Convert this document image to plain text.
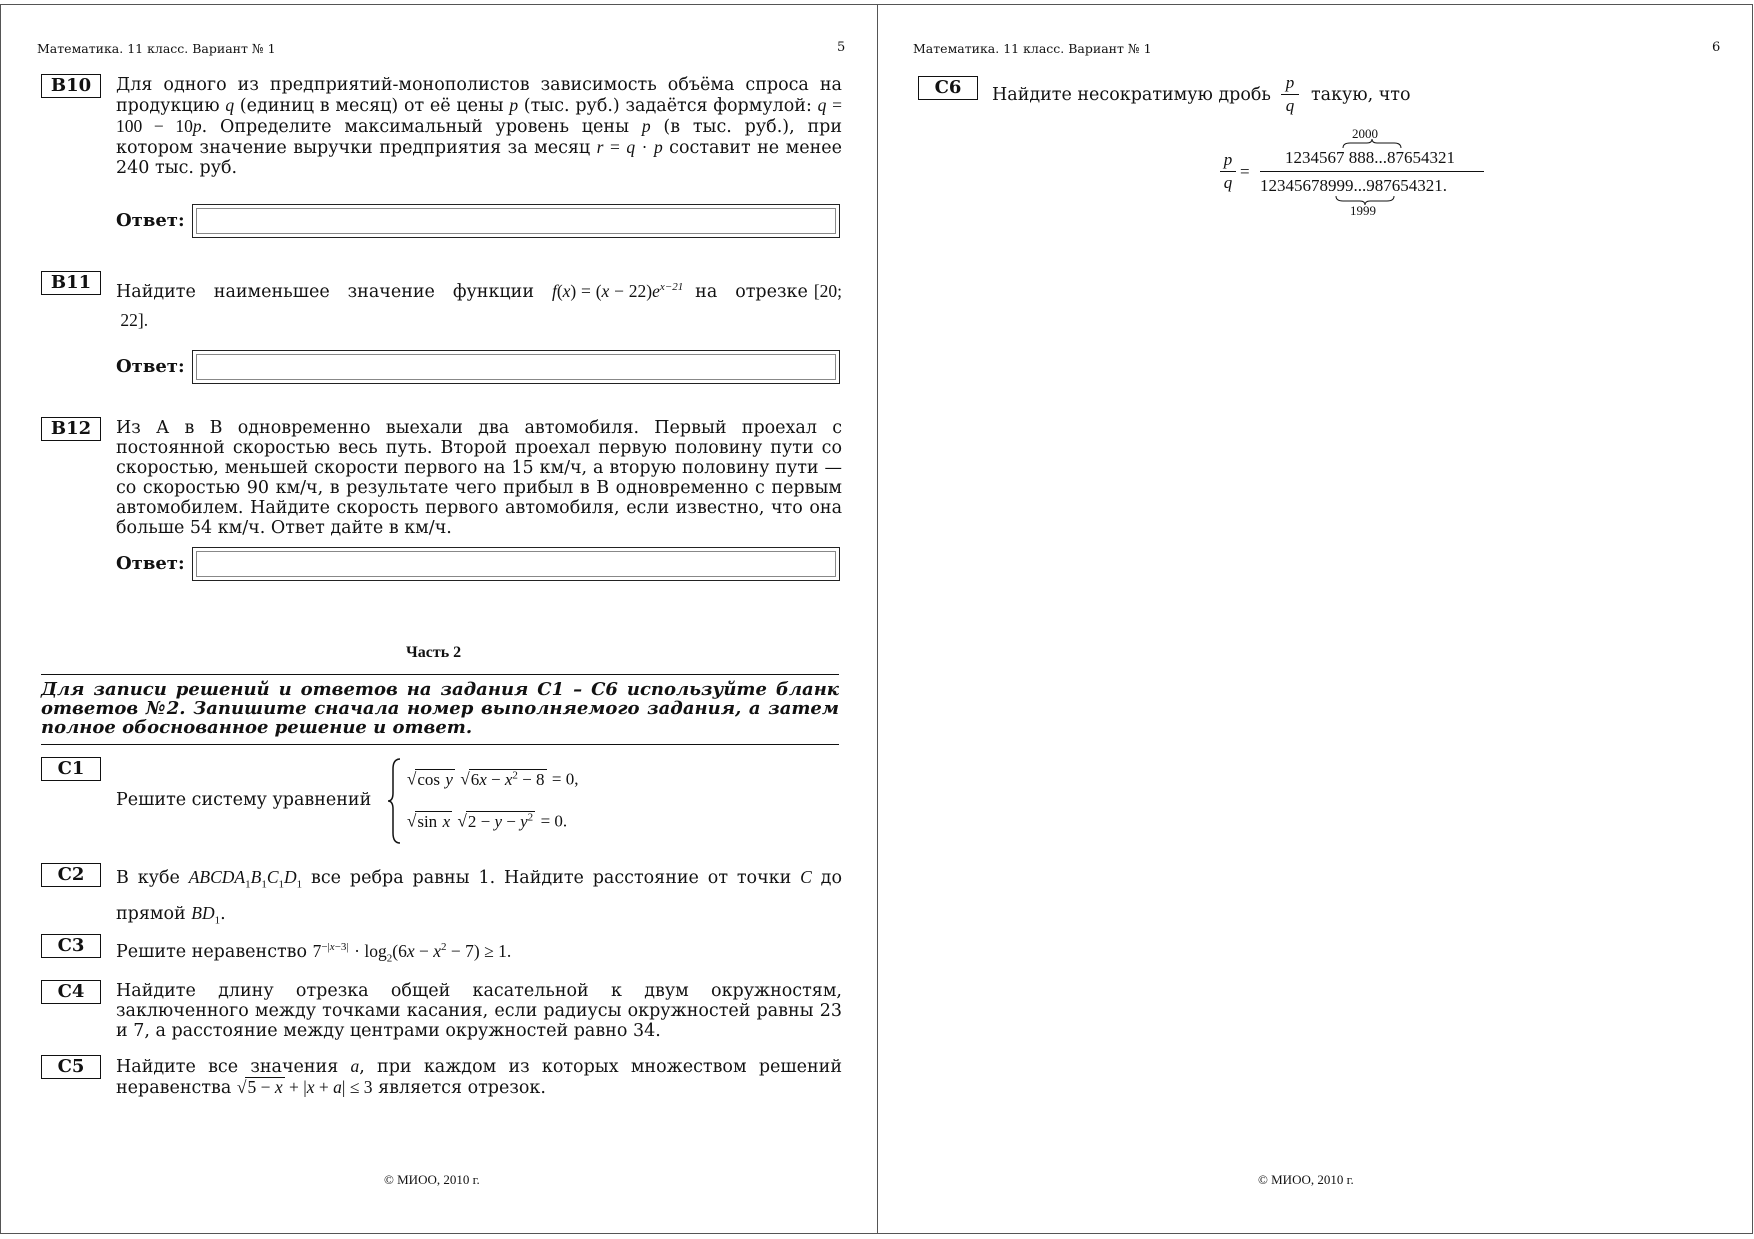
Математика. 11 класс. Вариант № 1	5
B10	Для одного из предприятий-монополистов зависимость объёма спроса на продукцию q (единиц в месяц) от её цены p (тыс. руб.) задаётся формулой: q = 100 − 10p. Определите максимальный уровень цены p (в тыс. руб.), при котором значение выручки предприятия за месяц r = q · p составит не менее 240 тыс. руб.

Ответ:
B11	Найдите   наименьшее   значение   функции   $f(x) = (x - 22)e^{x-21}$  на   отрезке [20;  22].

Ответ:
B12	Из А в В одновременно выехали два автомобиля. Первый проехал с постоянной скоростью весь путь. Второй проехал первую половину пути со скоростью, меньшей скорости первого на 15 км/ч, а вторую половину пути — со скоростью 90 км/ч, в результате чего прибыл в В одновременно с первым автомобилем. Найдите скорость первого автомобиля, если известно, что она больше 54 км/ч. Ответ дайте в км/ч.
Ответ:
Часть 2
Для записи решений и ответов на задания С1 – С6 используйте бланк ответов №2. Запишите сначала номер выполняемого задания, а затем полное обоснованное решение и ответ.
C1
Решите систему уравнений
√cos y $√6x - x^2 - 8 = 0$,
√sin x $√2 - y - y^2 = 0$.
C2	В кубе $ABCDA_1B_1C_1D_1$ все ребра равны 1. Найдите расстояние от точки C до прямой $BD_1$.

C3	Решите неравенство $7^{-|x-3|} \cdot \log_2(6x - x^2 - 7) \ge 1$.

C4	Найдите длину отрезка общей касательной к двум окружностям, заключенного между точками касания, если радиусы окружностей равны 23 и 7, а расстояние между центрами окружностей равно 34.
C5	Найдите все значения a, при каждом из которых множеством решений неравенства √5 − x + |x + a| ≤ 3 является отрезок.

© МИОО, 2010 г.
Математика. 11 класс. Вариант № 1	6
C6	Найдите несократимую дробь
p
q
такую, что
p
q
=
2000
1234567 888...87654321
12345678999...987654321.
1999
© МИОО, 2010 г.
